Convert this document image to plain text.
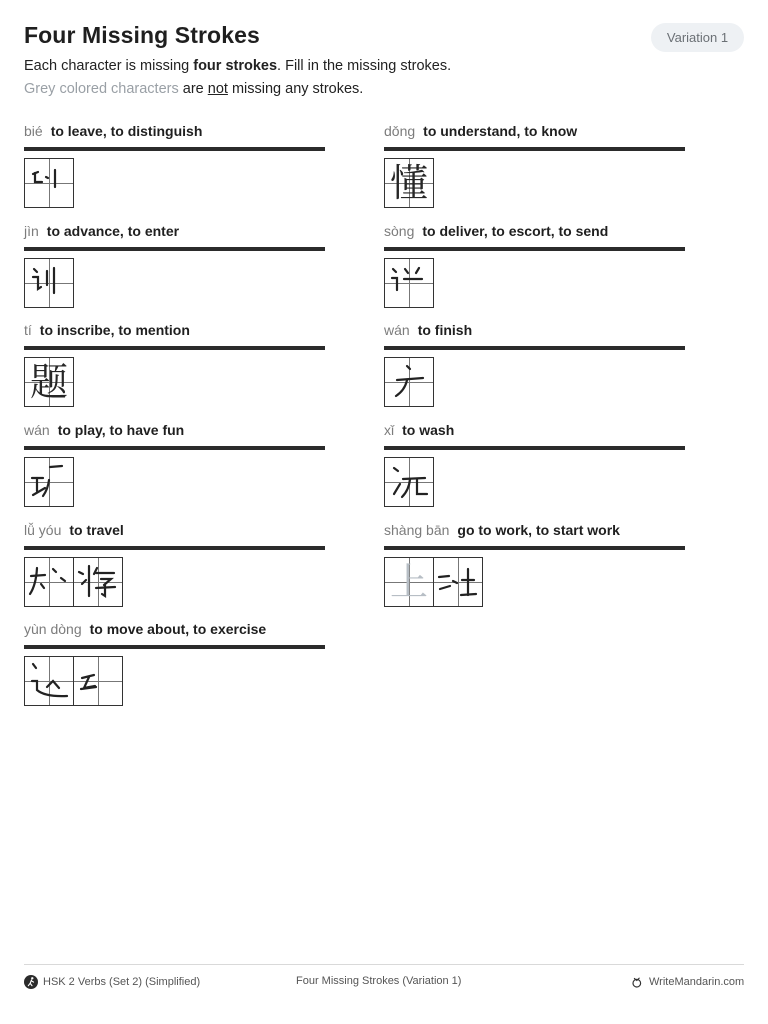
Four Missing Strokes	Variation 1
Each character is missing four strokes. Fill in the missing strokes.
Grey colored characters are not missing any strokes.
bié to leave, to distinguish	dǒng to understand, to know
懂
jìn to advance, to enter	sòng to deliver, to escort, to send
tí to inscribe, to mention
题
wán to finish
wán to play, to have fun	xǐ to wash
lǚ yóu to travel	shàng bān go to work, to start work
上
yùn dòng to move about, to exercise
HSK 2 Verbs (Set 2) (Simplified)	Four Missing Strokes (Variation 1)	WriteMandarin.com
